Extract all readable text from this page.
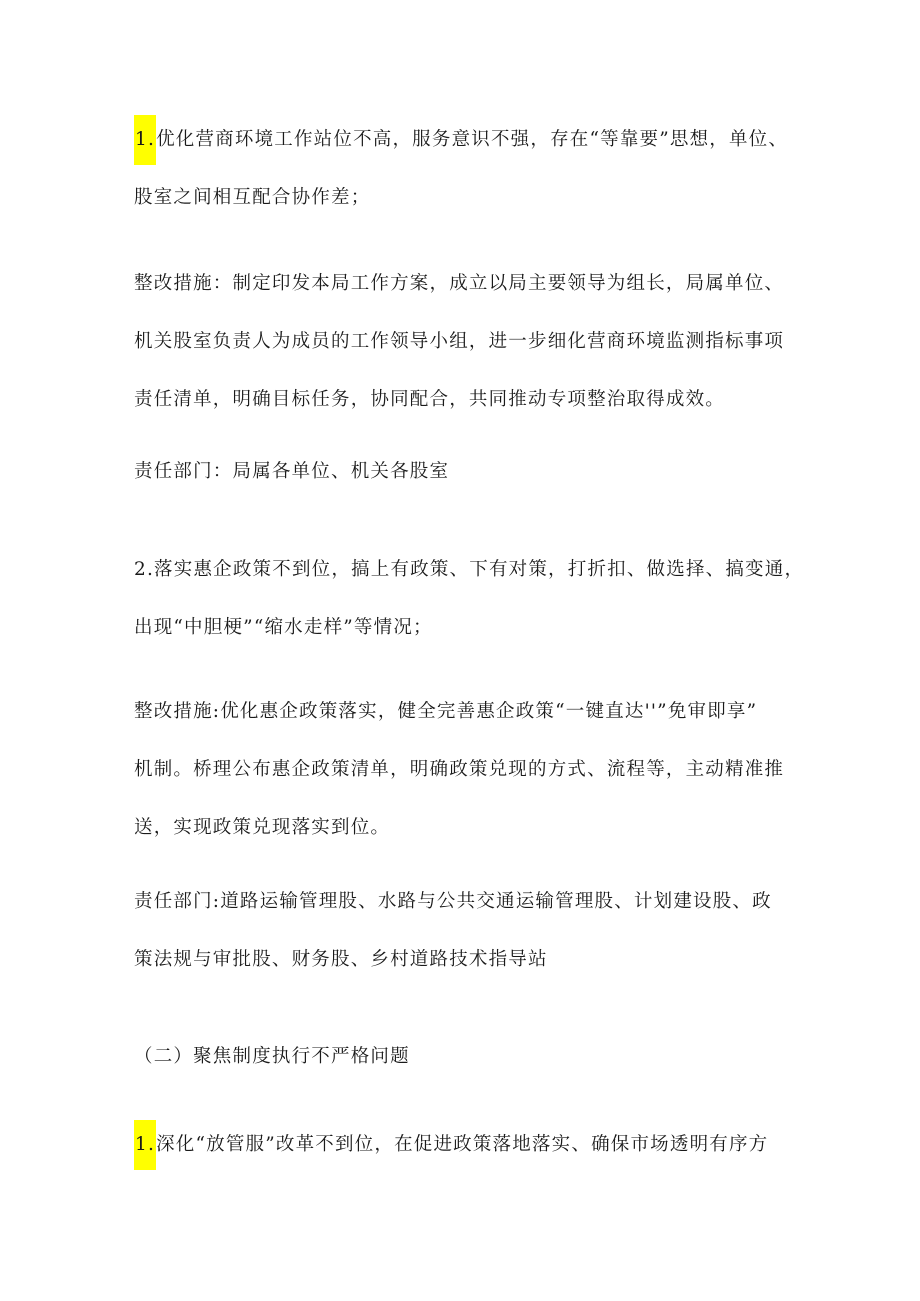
1.优化营商环境工作站位不高，服务意识不强，存在“等靠要”思想，单位、
股室之间相互配合协作差；
整改措施：制定印发本局工作方案，成立以局主要领导为组长，局属单位、
机关股室负责人为成员的工作领导小组，进一步细化营商环境监测指标事项
责任清单，明确目标任务，协同配合，共同推动专项整治取得成效。
责任部门：局属各单位、机关各股室
2.落实惠企政策不到位，搞上有政策、下有对策，打折扣、做选择、搞变通，
出现“中胆梗”“缩水走样”等情况；
整改措施:优化惠企政策落实，健全完善惠企政策“一键直达''”免审即享”
机制。桥理公布惠企政策清单，明确政策兑现的方式、流程等，主动精准推
送，实现政策兑现落实到位。
责任部门:道路运输管理股、水路与公共交通运输管理股、计划建设股、政
策法规与审批股、财务股、乡村道路技术指导站
（二）聚焦制度执行不严格问题
1.深化“放管服”改革不到位，在促进政策落地落实、确保市场透明有序方
